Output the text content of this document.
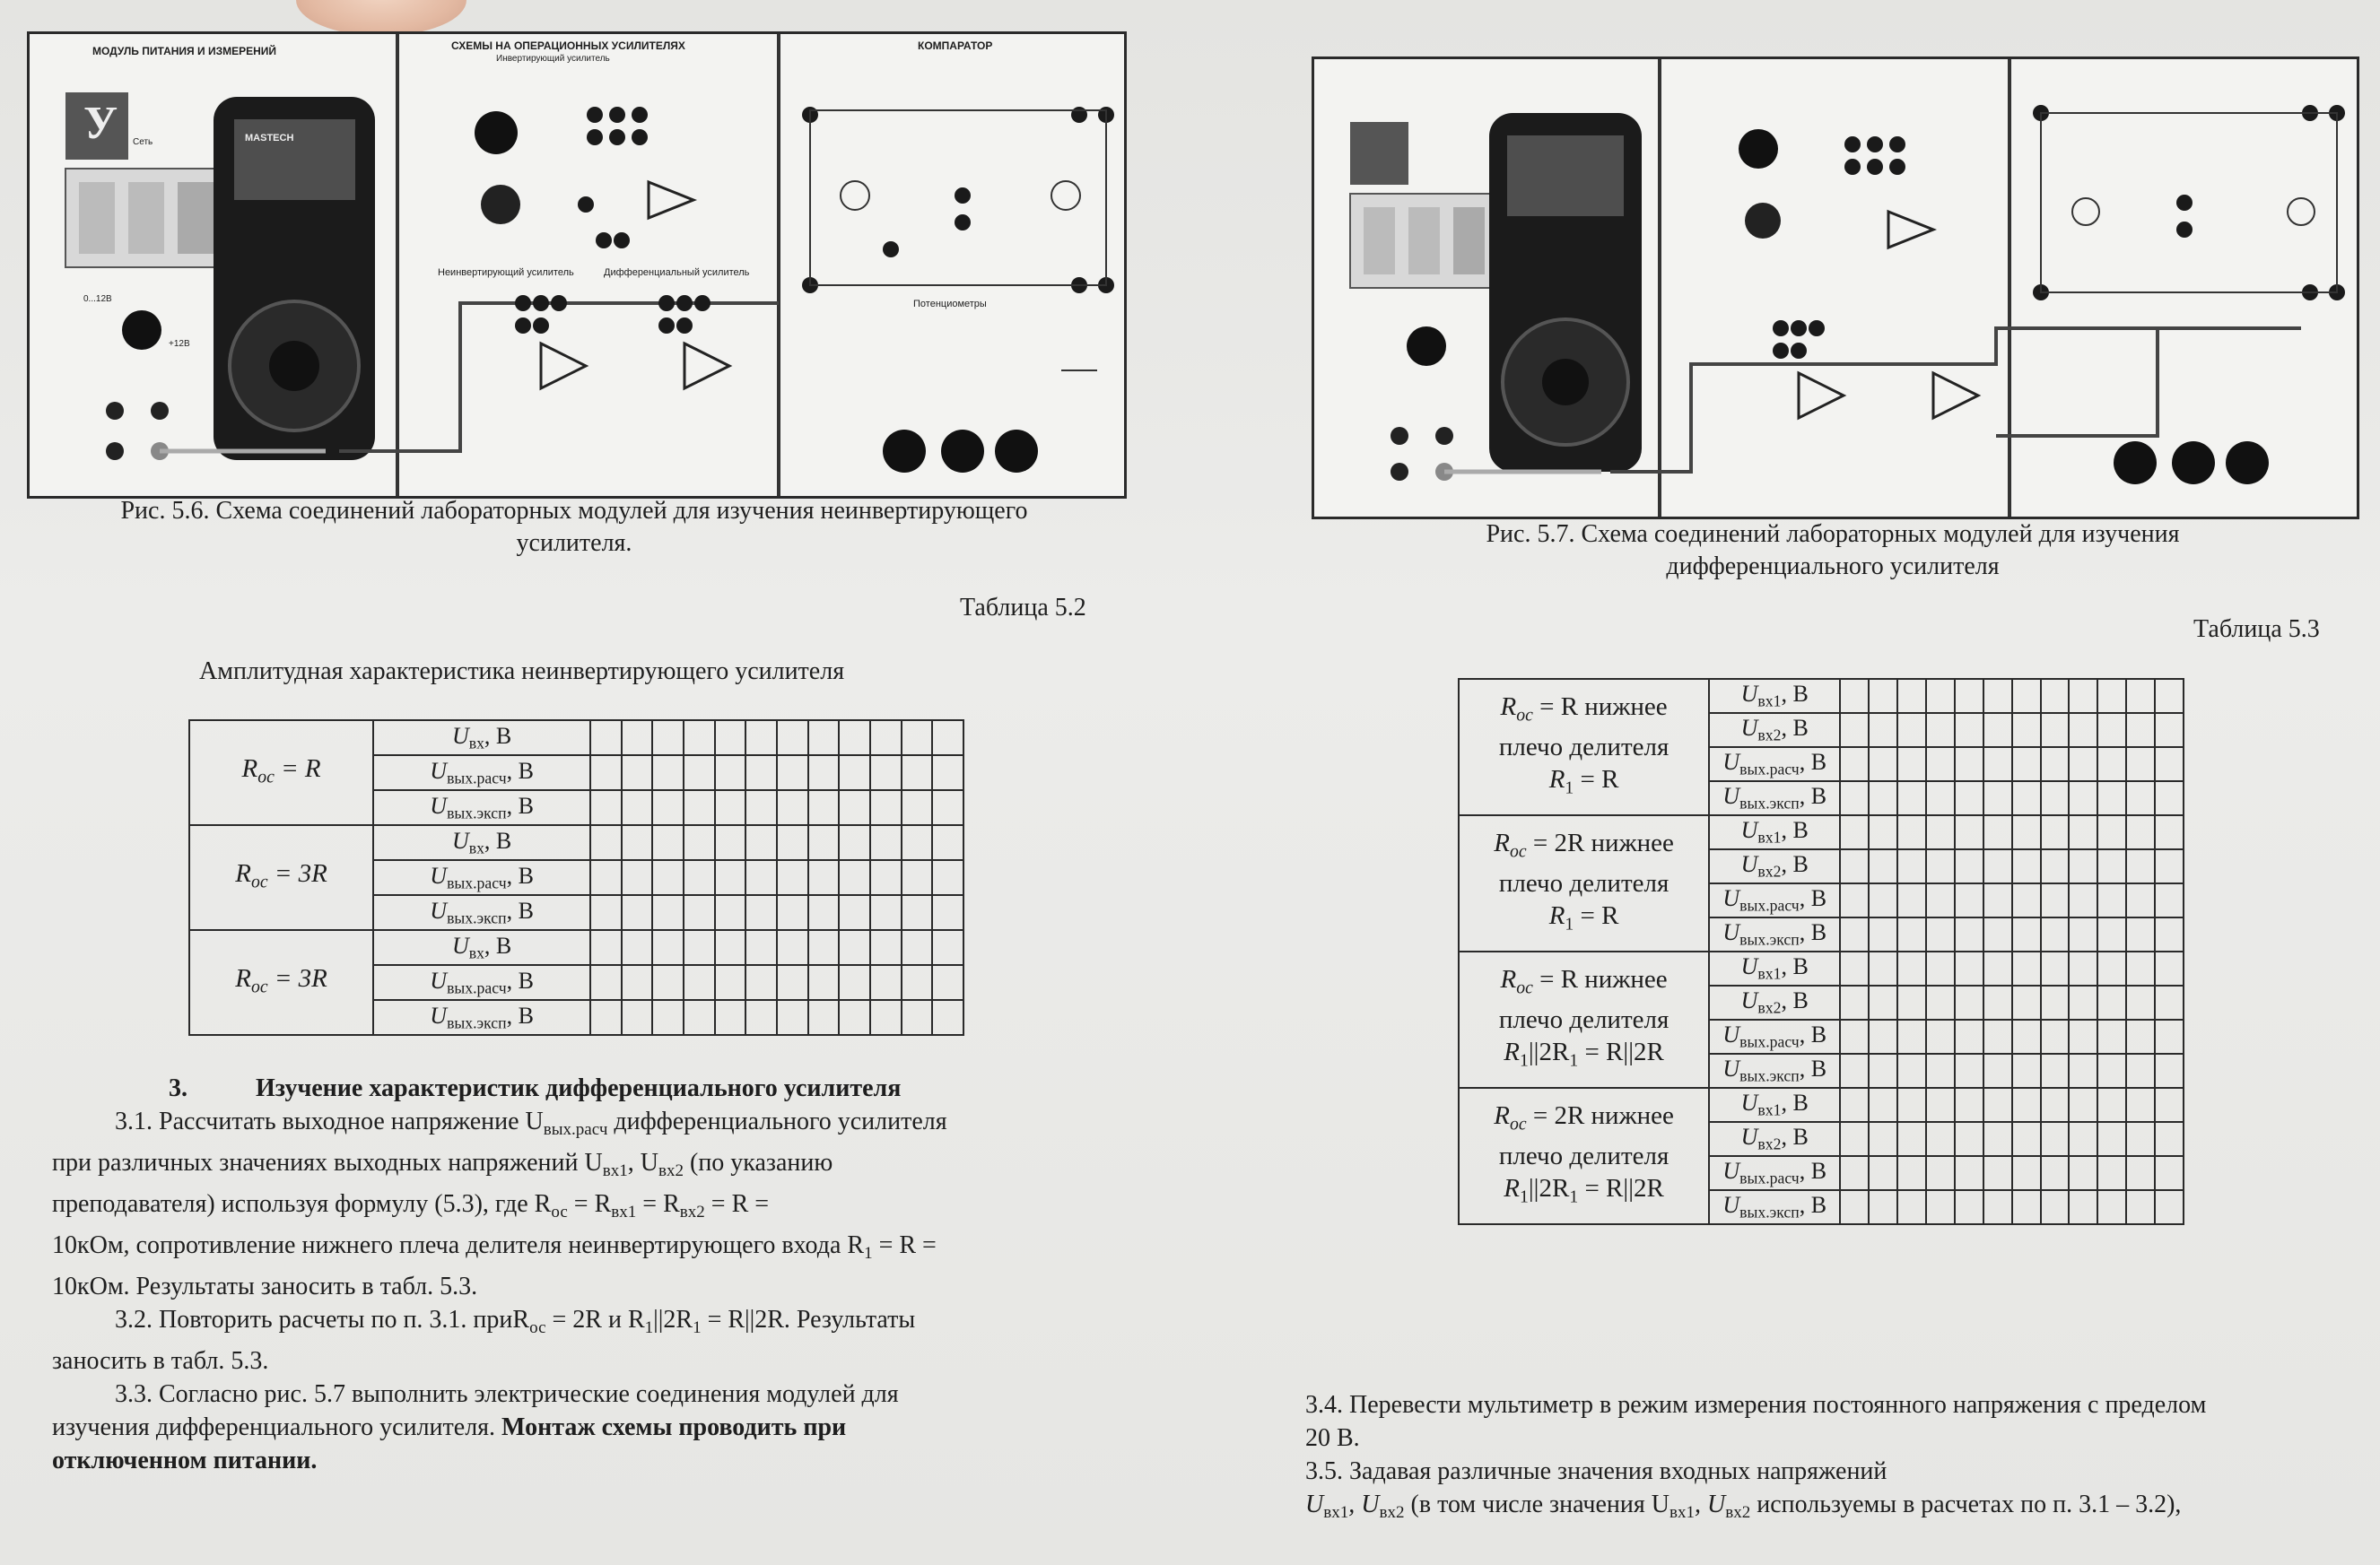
МОДУЛЬ ПИТАНИЯ И ИЗМЕРЕНИЙ	СХЕМЫ НА ОПЕРАЦИОННЫХ УСИЛИТЕЛЯХ
Инвертирующий усилитель
Неинвертирующий усилитель	Дифференциальный усилитель
КОМПАРАТОР
Потенциометры
MASTECH
У Сеть
0...12В
+12В
Рис. 5.6. Схема соединений лабораторных модулей для изучения неинвертирующего
усилителя.
Таблица 5.2
Амплитудная характеристика неинвертирующего усилителя
$R_{ос} = R$	$U_{вх}$, В												
	$U_{вых.расч}$, В												
	$U_{вых.эксп}$, В												
$R_{ос} = 3R$	$U_{вх}$, В												
	$U_{вых.расч}$, В												
	$U_{вых.эксп}$, В												
$R_{ос} = 3R$	$U_{вх}$, В												
	$U_{вых.расч}$, В												
	$U_{вых.эксп}$, В												
3.	Изучение характеристик дифференциального усилителя
3.1. Рассчитать выходное напряжение $U_{вых.расч}$ дифференциального усилителя
при различных значениях выходных напряжений $U_{вх1}$, $U_{вх2}$ (по указанию
преподавателя) используя формулу (5.3), где $R_{ос} = R_{вх1} = R_{вх2} = R$ =
10кОм, сопротивление нижнего плеча делителя неинвертирующего входа $R_1 = R$ =
10кОм. Результаты заносить в табл. 5.3.
3.2. Повторить расчеты по п. 3.1. приR$_{ос}$ = 2R и $R_1||2R_1 = R||2R$. Результаты
заносить в табл. 5.3.
3.3. Согласно рис. 5.7 выполнить электрические соединения модулей для
изучения дифференциального усилителя. Монтаж схемы проводить при
отключенном питании.
Рис. 5.7. Схема соединений лабораторных модулей для изучения
дифференциального усилителя
Таблица 5.3
$R_{ос} = R$ нижнее
плечо делителя
$R_1 = R$	$U_{вх1}$, В												
	$U_{вх2}$, В												
	$U_{вых.расч}$, В												
	$U_{вых.эксп}$, В												

$R_{ос} = 2R$ нижнее
плечо делителя
$R_1 = R$	$U_{вх1}$, В												
	$U_{вх2}$, В												
	$U_{вых.расч}$, В												
	$U_{вых.эксп}$, В												

$R_{ос} = R$ нижнее
плечо делителя
$R_1||2R_1 = R||2R$	$U_{вх1}$, В												
	$U_{вх2}$, В												
	$U_{вых.расч}$, В												
	$U_{вых.эксп}$, В												

$R_{ос} = 2R$ нижнее
плечо делителя
$R_1||2R_1 = R||2R$	$U_{вх1}$, В												
	$U_{вх2}$, В												
	$U_{вых.расч}$, В												
	$U_{вых.эксп}$, В												
3.4. Перевести мультиметр в режим измерения постоянного напряжения с пределом
20 В.
3.5. Задавая различные значения входных напряжений
$U_{вх1}$, $U_{вх2}$ (в том числе значения $U_{вх1}$, $U_{вх2}$ используемы в расчетах по п. 3.1 – 3.2),
